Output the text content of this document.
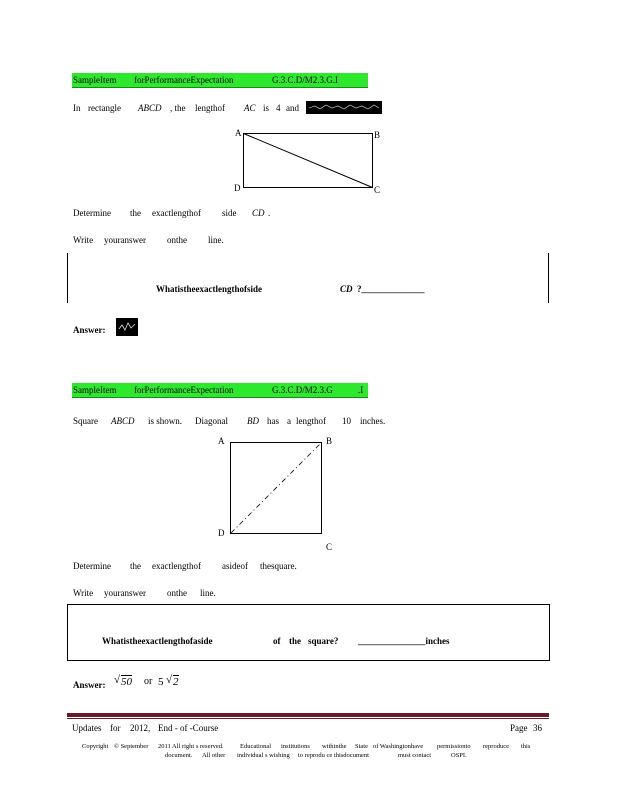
SampleItem forPerformanceExpectation	G.3.C.D/M2.3.G.I
In rectangle ABCD , the lengthof AC is 4 and
A	B
D	C
Determine the exactlengthof side CD .
Write youranswer onthe line.
Whatistheexactlengthofside	CD ?______________
Answer:
SampleItem forPerformanceExpectation	G.3.C.D/M2.3.G	.I
Square ABCD is shown. Diagonal BD has a lengthof 10 inches.
A	B
D
C
Determine the exactlengthof asideof thesquare.
Write youranswer onthe line.
Whatistheexactlengthofaside	of the square? _______________inches
Answer: √ 50 or 5 √ 2
Updates for 2012, End - of -Course	Page 36
Copyright © September 2011 All right s reserved.	Educational institutions withinthe State of Washingtonhave permissionto reproduce this
document. All other individual s wishing to reprodu ce thisdocument	must contact	OSPI.
